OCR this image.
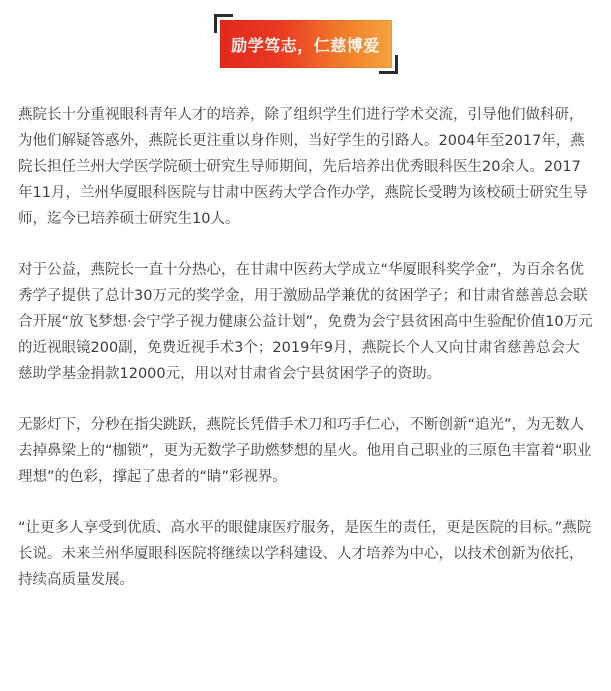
励学笃志，仁慈博爱

燕院长十分重视眼科青年人才的培养，除了组织学生们进行学术交流，引导他们做科研，为他们解疑答惑外，燕院长更注重以身作则，当好学生的引路人。2004年至2017年，燕院长担任兰州大学医学院硕士研究生导师期间，先后培养出优秀眼科医生20余人。2017年11月，兰州华厦眼科医院与甘肃中医药大学合作办学，燕院长受聘为该校硕士研究生导师，迄今已培养硕士研究生10人。

对于公益，燕院长一直十分热心，在甘肃中医药大学成立“华厦眼科奖学金”，为百余名优秀学子提供了总计30万元的奖学金，用于激励品学兼优的贫困学子；和甘肃省慈善总会联合开展“放飞梦想·会宁学子视力健康公益计划”，免费为会宁县贫困高中生验配价值10万元的近视眼镜200副，免费近视手术3个；2019年9月，燕院长个人又向甘肃省慈善总会大慈助学基金捐款12000元，用以对甘肃省会宁县贫困学子的资助。

无影灯下，分秒在指尖跳跃，燕院长凭借手术刀和巧手仁心，不断创新“追光”，为无数人去掉鼻梁上的“枷锁”，更为无数学子助燃梦想的星火。他用自己职业的三原色丰富着“职业理想”的色彩，撑起了患者的“睛”彩视界。

“让更多人享受到优质、高水平的眼健康医疗服务，是医生的责任，更是医院的目标。”燕院长说。未来兰州华厦眼科医院将继续以学科建设、人才培养为中心，以技术创新为依托，持续高质量发展。
